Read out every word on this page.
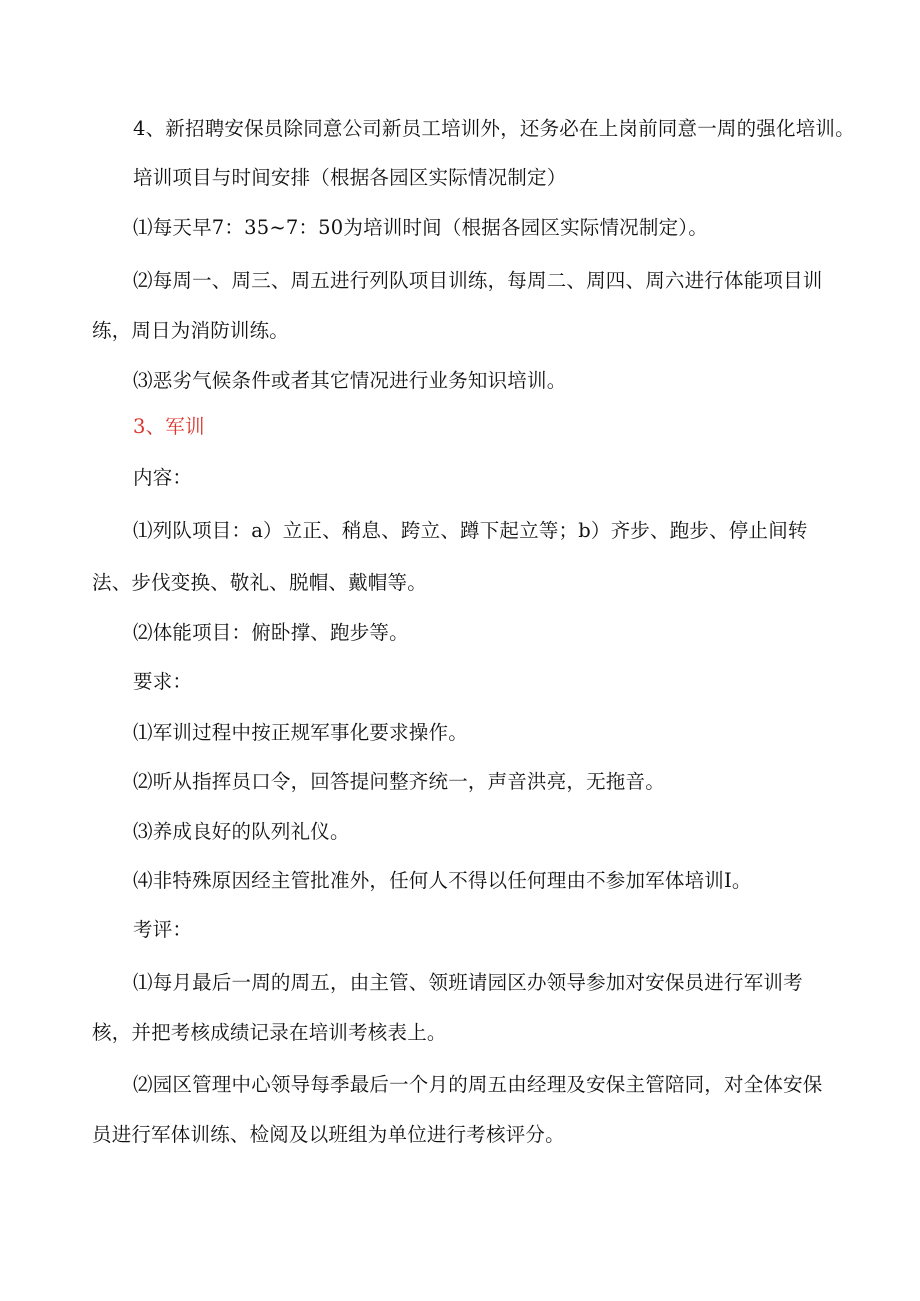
4、新招聘安保员除同意公司新员工培训外，还务必在上岗前同意一周的强化培训。
培训项目与时间安排（根据各园区实际情况制定）
⑴每天早7：35~7：50为培训时间（根据各园区实际情况制定）。
⑵每周一、周三、周五进行列队项目训练，每周二、周四、周六进行体能项目训
练，周日为消防训练。
⑶恶劣气候条件或者其它情况进行业务知识培训。
3、军训
内容：
⑴列队项目：a）立正、稍息、跨立、蹲下起立等；b）齐步、跑步、停止间转
法、步伐变换、敬礼、脱帽、戴帽等。
⑵体能项目：俯卧撑、跑步等。
要求：
⑴军训过程中按正规军事化要求操作。
⑵听从指挥员口令，回答提问整齐统一，声音洪亮，无拖音。
⑶养成良好的队列礼仪。
⑷非特殊原因经主管批准外，任何人不得以任何理由不参加军体培训I。
考评：
⑴每月最后一周的周五，由主管、领班请园区办领导参加对安保员进行军训考
核，并把考核成绩记录在培训考核表上。
⑵园区管理中心领导每季最后一个月的周五由经理及安保主管陪同，对全体安保
员进行军体训练、检阅及以班组为单位进行考核评分。
